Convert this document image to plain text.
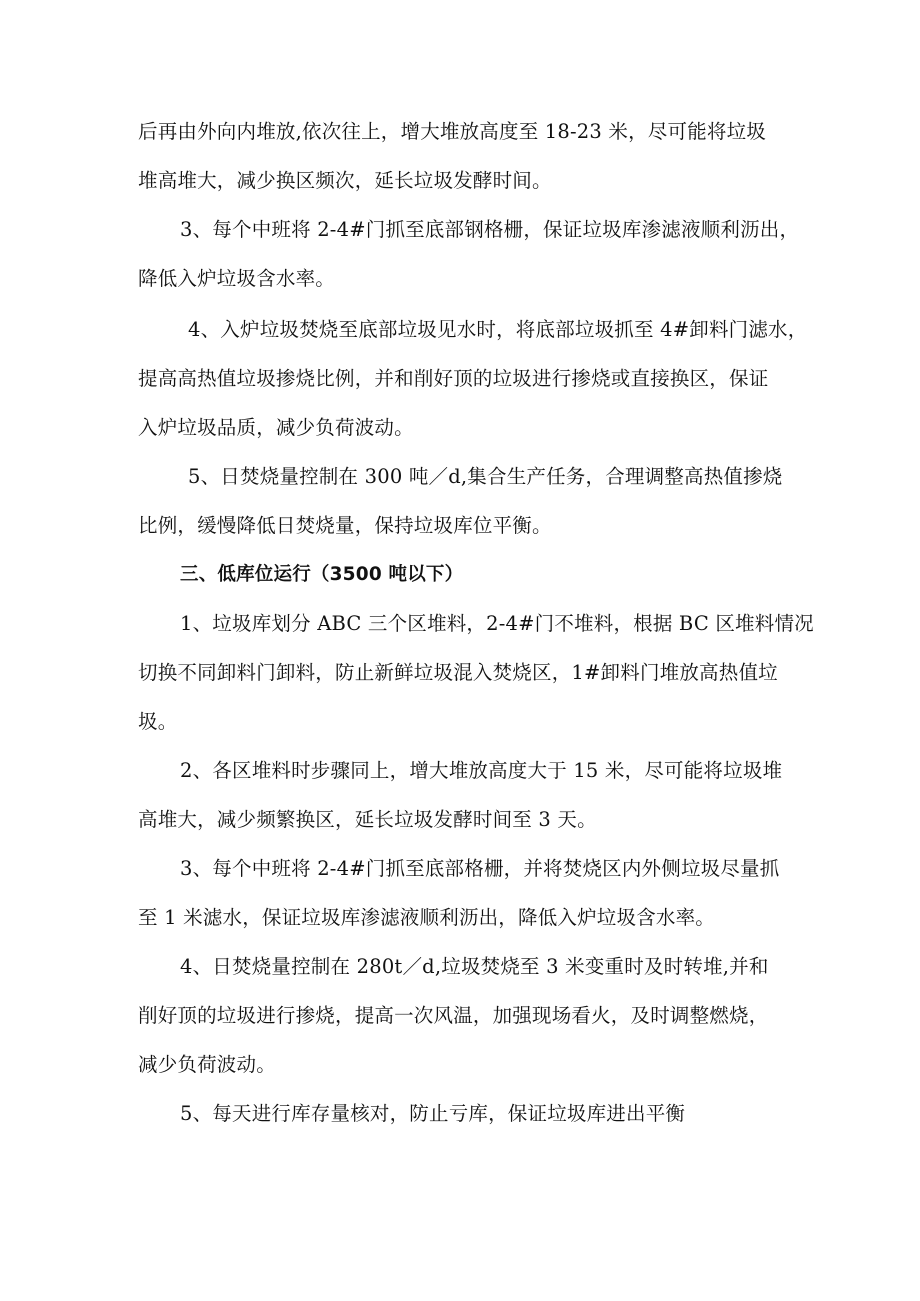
后再由外向内堆放,依次往上，增大堆放高度至 18-23 米，尽可能将垃圾
堆高堆大，减少换区频次，延长垃圾发酵时间。
3、每个中班将 2-4#门抓至底部钢格栅，保证垃圾库渗滤液顺利沥出，
降低入炉垃圾含水率。
4、入炉垃圾焚烧至底部垃圾见水时，将底部垃圾抓至 4#卸料门滤水，
提高高热值垃圾掺烧比例，并和削好顶的垃圾进行掺烧或直接换区，保证
入炉垃圾品质，减少负荷波动。
5、日焚烧量控制在 300 吨／d,集合生产任务，合理调整高热值掺烧
比例，缓慢降低日焚烧量，保持垃圾库位平衡。
三、低库位运行（3500 吨以下）
1、垃圾库划分 ABC 三个区堆料，2-4#门不堆料，根据 BC 区堆料情况
切换不同卸料门卸料，防止新鲜垃圾混入焚烧区，1#卸料门堆放高热值垃
圾。
2、各区堆料时步骤同上，增大堆放高度大于 15 米，尽可能将垃圾堆
高堆大，减少频繁换区，延长垃圾发酵时间至 3 天。
3、每个中班将 2-4#门抓至底部格栅，并将焚烧区内外侧垃圾尽量抓
至 1 米滤水，保证垃圾库渗滤液顺利沥出，降低入炉垃圾含水率。
4、日焚烧量控制在 280t／d,垃圾焚烧至 3 米变重时及时转堆,并和
削好顶的垃圾进行掺烧，提高一次风温，加强现场看火，及时调整燃烧，
减少负荷波动。
5、每天进行库存量核对，防止亏库，保证垃圾库进出平衡
